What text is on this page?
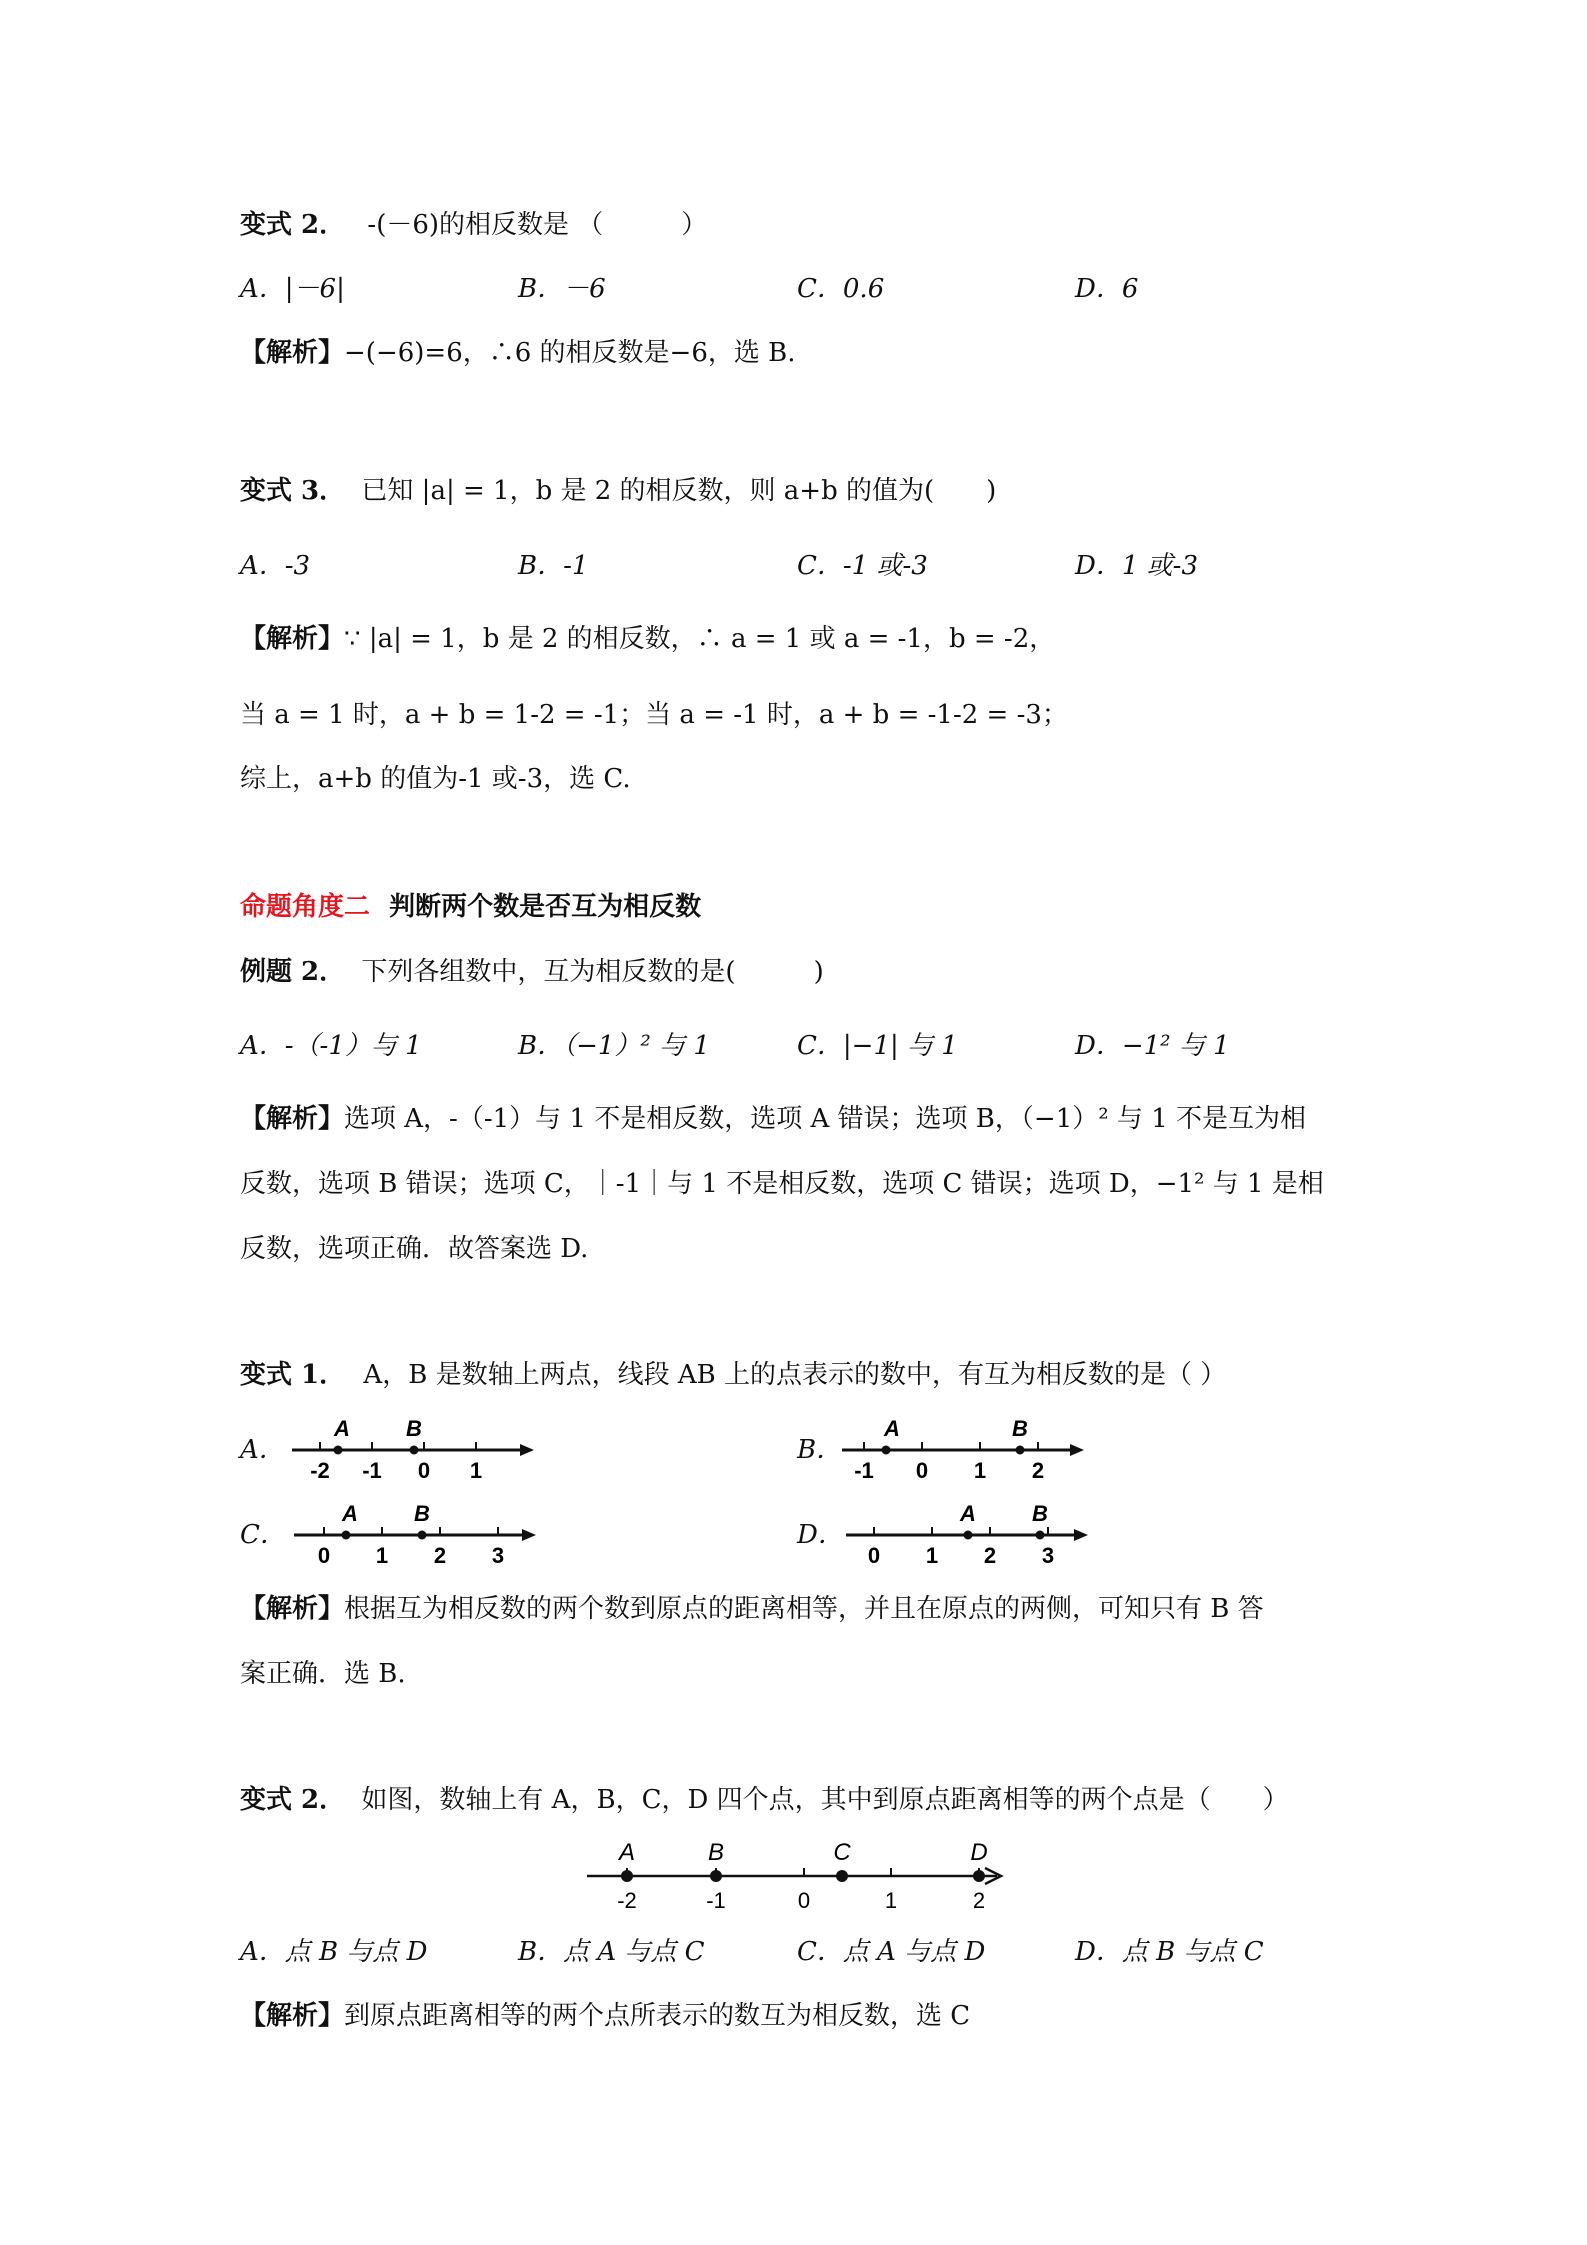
变式 2． -(－6)的相反数是 （　　　）
A．|－6|	B．－6	C．0.6	D．6
【解析】−(−6)=6，∴6 的相反数是−6，选 B.
变式 3． 已知 |a| = 1，b 是 2 的相反数，则 a+b 的值为(　　)
A．-3	B．-1	C．-1 或-3	D．1 或-3
【解析】∵ |a| = 1，b 是 2 的相反数，∴ a = 1 或 a = -1，b = -2，
当 a = 1 时，a + b = 1-2 = -1；当 a = -1 时，a + b = -1-2 = -3；
综上，a+b 的值为-1 或-3，选 C.
命题角度二 判断两个数是否互为相反数
例题 2． 下列各组数中，互为相反数的是(　　　)
A．-（-1）与 1	B．（−1）² 与 1	C．|−1| 与 1	D．−1² 与 1
【解析】选项 A，-（-1）与 1 不是相反数，选项 A 错误；选项 B，（−1）² 与 1 不是互为相
反数，选项 B 错误；选项 C，｜-1｜与 1 不是相反数，选项 C 错误；选项 D，−1² 与 1 是相
反数，选项正确．故答案选 D.
变式 1． A，B 是数轴上两点，线段 AB 上的点表示的数中，有互为相反数的是（ ）
A．
-2 -1 0 1
A	B
B．
-1 0 1 2
A	B
C．
0 1 2 3
A	B
D．
0 1 2 3
A	B
【解析】根据互为相反数的两个数到原点的距离相等，并且在原点的两侧，可知只有 B 答
案正确．选 B.
变式 2． 如图，数轴上有 A，B，C，D 四个点，其中到原点距离相等的两个点是（　　）
-2	-1	0	1	2
A	B	C	D
A．点 B 与点 D	B．点 A 与点 C	C．点 A 与点 D	D．点 B 与点 C
【解析】到原点距离相等的两个点所表示的数互为相反数，选 C
